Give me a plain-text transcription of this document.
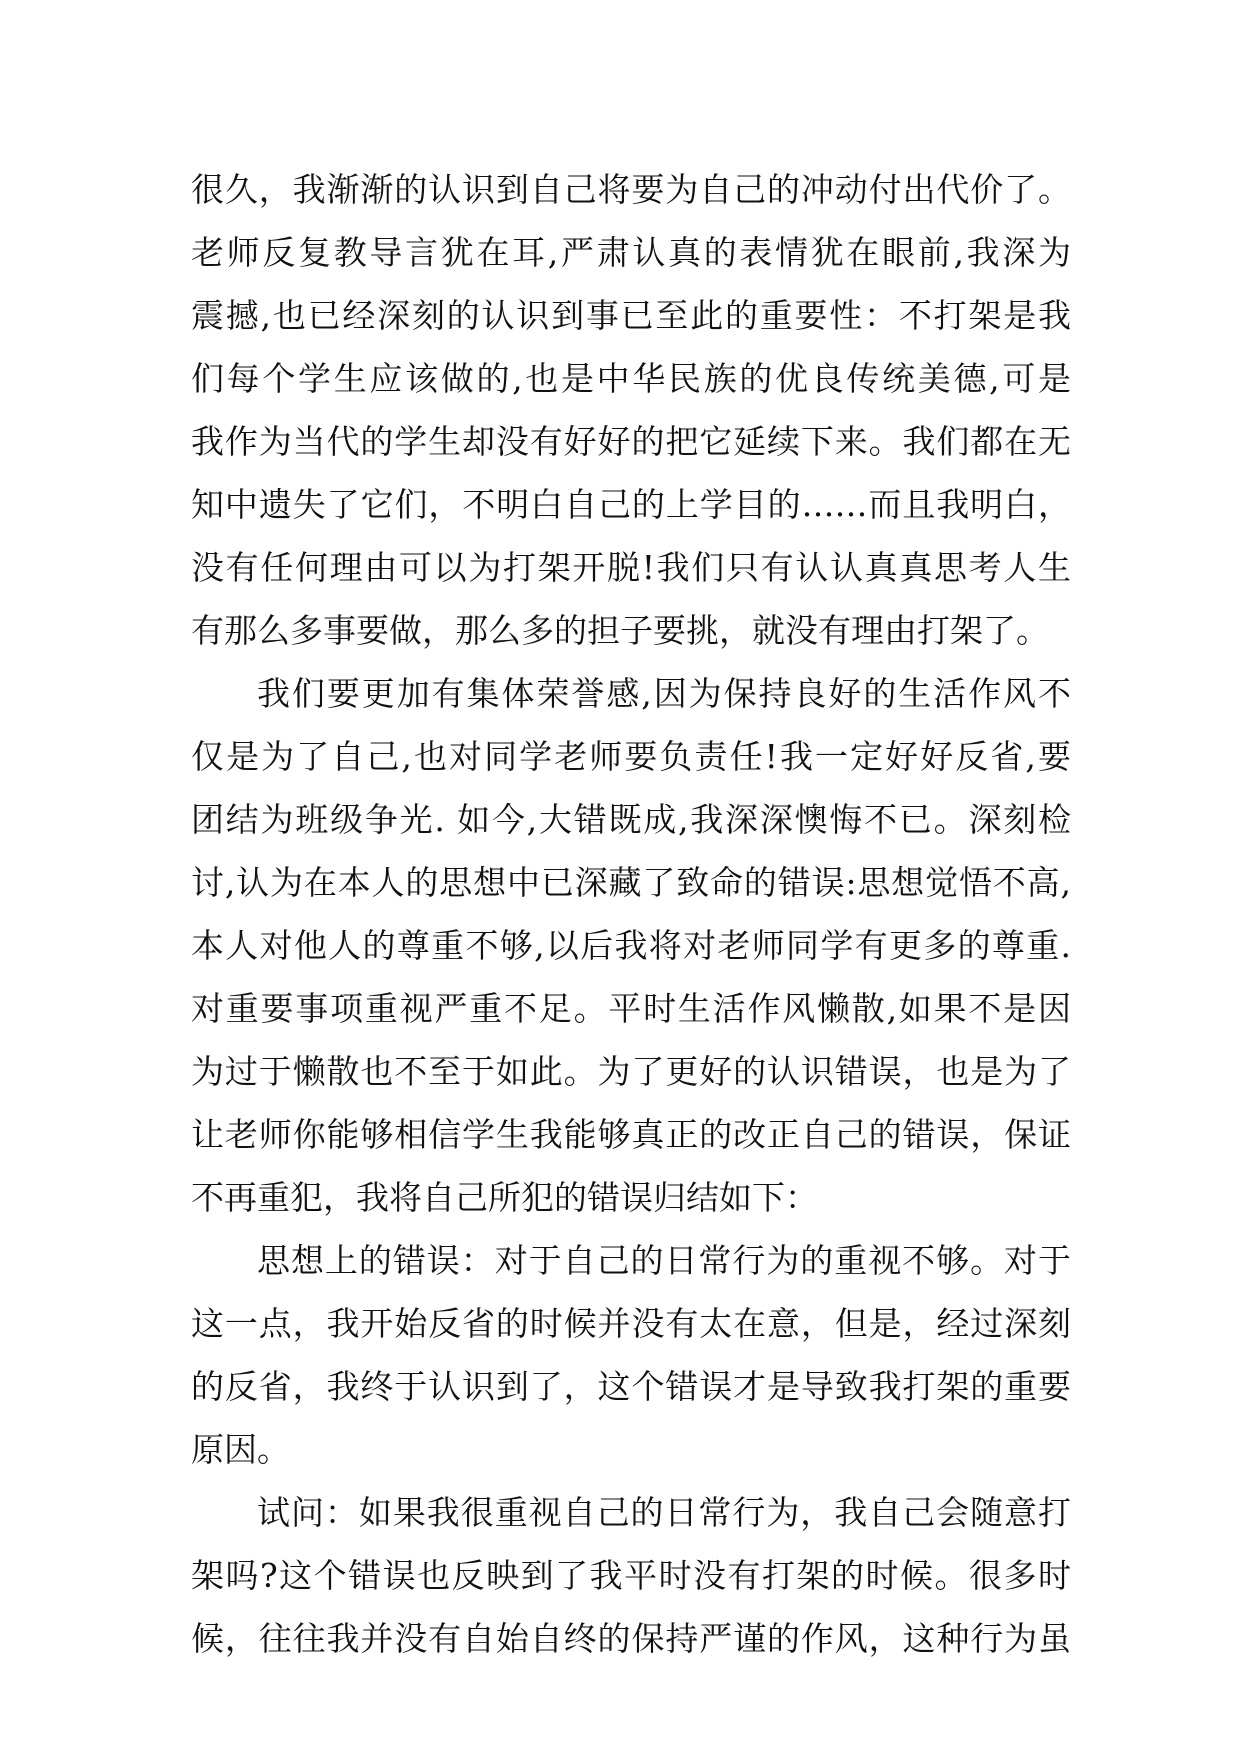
很久，我渐渐的认识到自己将要为自己的冲动付出代价了。
老师反复教导言犹在耳,严肃认真的表情犹在眼前,我深为
震撼,也已经深刻的认识到事已至此的重要性：不打架是我
们每个学生应该做的,也是中华民族的优良传统美德,可是
我作为当代的学生却没有好好的把它延续下来。我们都在无
知中遗失了它们，不明白自己的上学目的……而且我明白，
没有任何理由可以为打架开脱!我们只有认认真真思考人生
有那么多事要做，那么多的担子要挑，就没有理由打架了。
我们要更加有集体荣誉感,因为保持良好的生活作风不
仅是为了自己,也对同学老师要负责任!我一定好好反省,要
团结为班级争光. 如今,大错既成,我深深懊悔不已。深刻检
讨,认为在本人的思想中已深藏了致命的错误:思想觉悟不高,
本人对他人的尊重不够,以后我将对老师同学有更多的尊重.
对重要事项重视严重不足。平时生活作风懒散,如果不是因
为过于懒散也不至于如此。为了更好的认识错误，也是为了
让老师你能够相信学生我能够真正的改正自己的错误，保证
不再重犯，我将自己所犯的错误归结如下：
思想上的错误：对于自己的日常行为的重视不够。对于
这一点，我开始反省的时候并没有太在意，但是，经过深刻
的反省，我终于认识到了，这个错误才是导致我打架的重要
原因。
试问：如果我很重视自己的日常行为，我自己会随意打
架吗?这个错误也反映到了我平时没有打架的时候。很多时
候，往往我并没有自始自终的保持严谨的作风，这种行为虽
